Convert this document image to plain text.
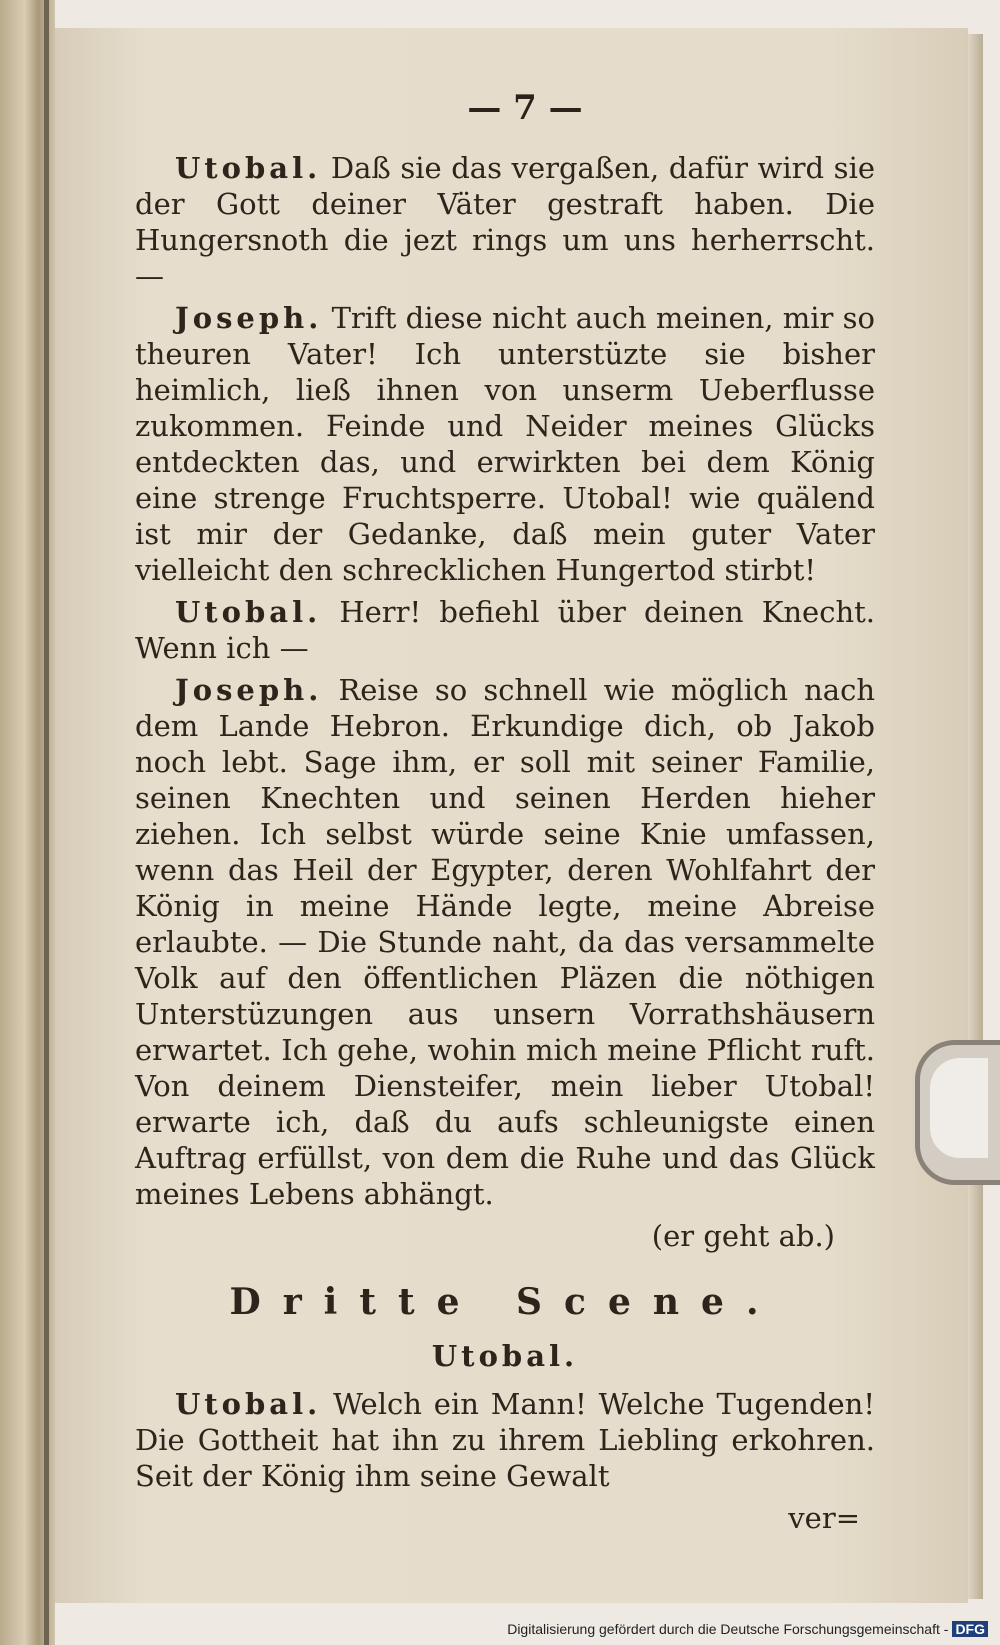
— 7 —

Utobal. Daß sie das vergaßen, dafür wird sie der Gott deiner Väter gestraft haben. Die Hungersnoth die jezt rings um uns herherrscht. —

Joseph. Trift diese nicht auch meinen, mir so theuren Vater! Ich unterstüzte sie bisher heimlich, ließ ihnen von unserm Ueberflusse zukommen. Feinde und Neider meines Glücks entdeckten das, und erwirkten bei dem König eine strenge Fruchtsperre. Utobal! wie quälend ist mir der Gedanke, daß mein guter Vater vielleicht den schrecklichen Hungertod stirbt!

Utobal. Herr! befiehl über deinen Knecht. Wenn ich —

Joseph. Reise so schnell wie möglich nach dem Lande Hebron. Erkundige dich, ob Jakob noch lebt. Sage ihm, er soll mit seiner Familie, seinen Knechten und seinen Herden hieher ziehen. Ich selbst würde seine Knie umfassen, wenn das Heil der Egypter, deren Wohlfahrt der König in meine Hände legte, meine Abreise erlaubte. — Die Stunde naht, da das versammelte Volk auf den öffentlichen Pläzen die nöthigen Unterstüzungen aus unsern Vorrathshäusern erwartet. Ich gehe, wohin mich meine Pflicht ruft. Von deinem Diensteifer, mein lieber Utobal! erwarte ich, daß du aufs schleunigste einen Auftrag erfüllst, von dem die Ruhe und das Glück meines Lebens abhängt.

(er geht ab.)
Dritte Scene.
Utobal.

Utobal. Welch ein Mann! Welche Tugenden! Die Gottheit hat ihn zu ihrem Liebling erkohren. Seit der König ihm seine Gewalt

ver=
Digitalisierung gefördert durch die Deutsche Forschungsgemeinschaft - DFG
